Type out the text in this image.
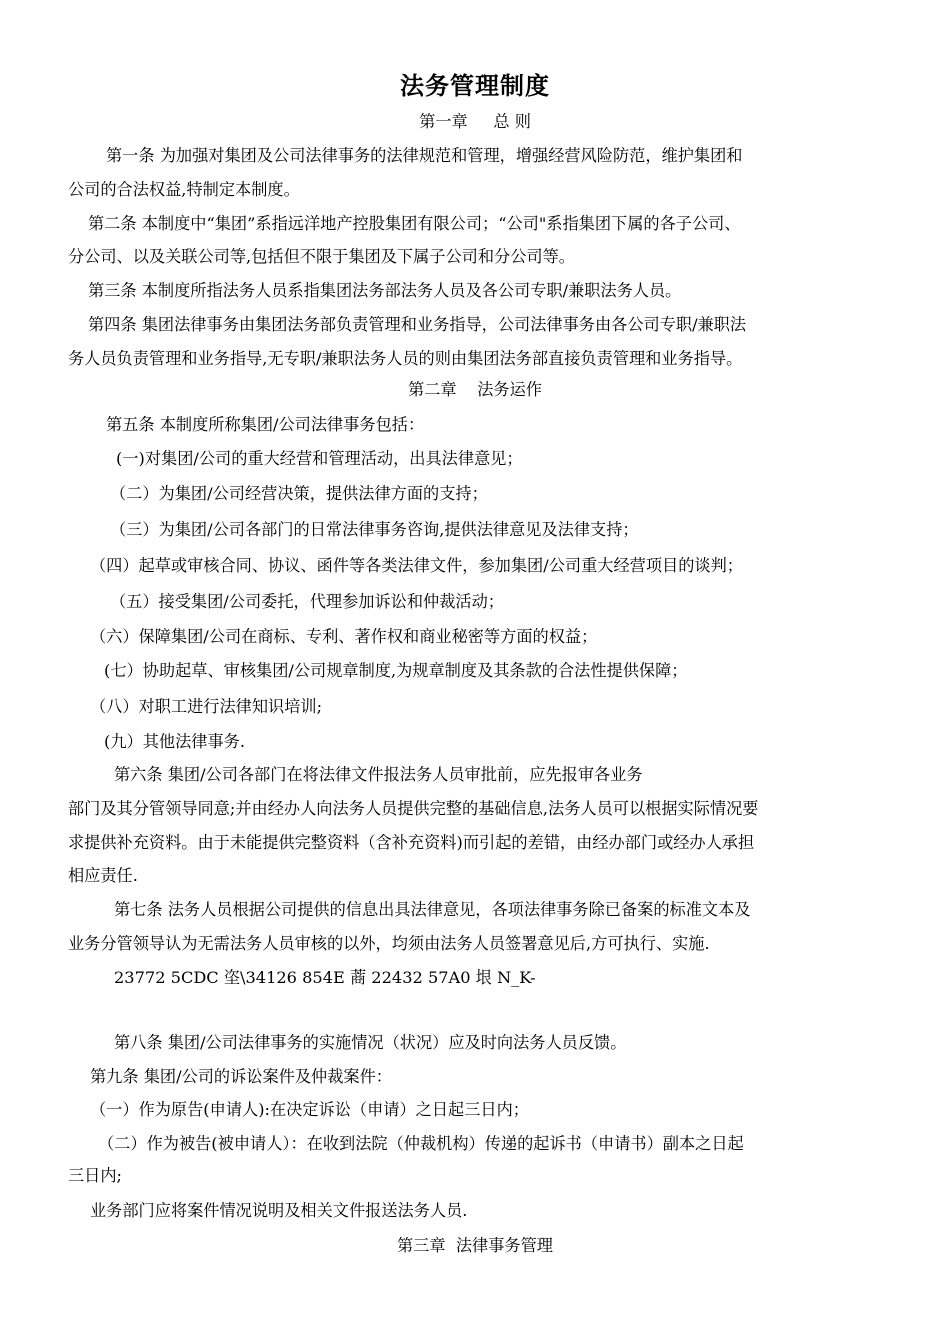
法务管理制度
第一章     总 则
第一条 为加强对集团及公司法律事务的法律规范和管理，增强经营风险防范，维护集团和
公司的合法权益,特制定本制度。
第二条 本制度中“集团”系指远洋地产控股集团有限公司；“公司"系指集团下属的各子公司、
分公司、以及关联公司等,包括但不限于集团及下属子公司和分公司等。
第三条 本制度所指法务人员系指集团法务部法务人员及各公司专职/兼职法务人员。
第四条 集团法律事务由集团法务部负责管理和业务指导，公司法律事务由各公司专职/兼职法
务人员负责管理和业务指导,无专职/兼职法务人员的则由集团法务部直接负责管理和业务指导。
第二章    法务运作
第五条 本制度所称集团/公司法律事务包括：
(一)对集团/公司的重大经营和管理活动，出具法律意见；
（二）为集团/公司经营决策，提供法律方面的支持；
（三）为集团/公司各部门的日常法律事务咨询,提供法律意见及法律支持；
（四）起草或审核合同、协议、函件等各类法律文件，参加集团/公司重大经营项目的谈判；
（五）接受集团/公司委托，代理参加诉讼和仲裁活动；
（六）保障集团/公司在商标、专利、著作权和商业秘密等方面的权益；
(七）协助起草、审核集团/公司规章制度,为规章制度及其条款的合法性提供保障；
（八）对职工进行法律知识培训;
(九）其他法律事务.
第六条 集团/公司各部门在将法律文件报法务人员审批前，应先报审各业务
部门及其分管领导同意;并由经办人向法务人员提供完整的基础信息,法务人员可以根据实际情况要
求提供补充资料。由于未能提供完整资料（含补充资料)而引起的差错，由经办部门或经办人承担
相应责任.
第七条 法务人员根据公司提供的信息出具法律意见，各项法律事务除已备案的标准文本及
业务分管领导认为无需法务人员审核的以外，均须由法务人员签署意见后,方可执行、实施.
23772 5CDC 垐\34126 854E 蔏 22432 57A0 垠 N_K-
第八条 集团/公司法律事务的实施情况（状况）应及时向法务人员反馈。
第九条 集团/公司的诉讼案件及仲裁案件：
（一）作为原告(申请人):在决定诉讼（申请）之日起三日内；
（二）作为被告(被申请人）：在收到法院（仲裁机构）传递的起诉书（申请书）副本之日起
三日内;
业务部门应将案件情况说明及相关文件报送法务人员.
第三章  法律事务管理
